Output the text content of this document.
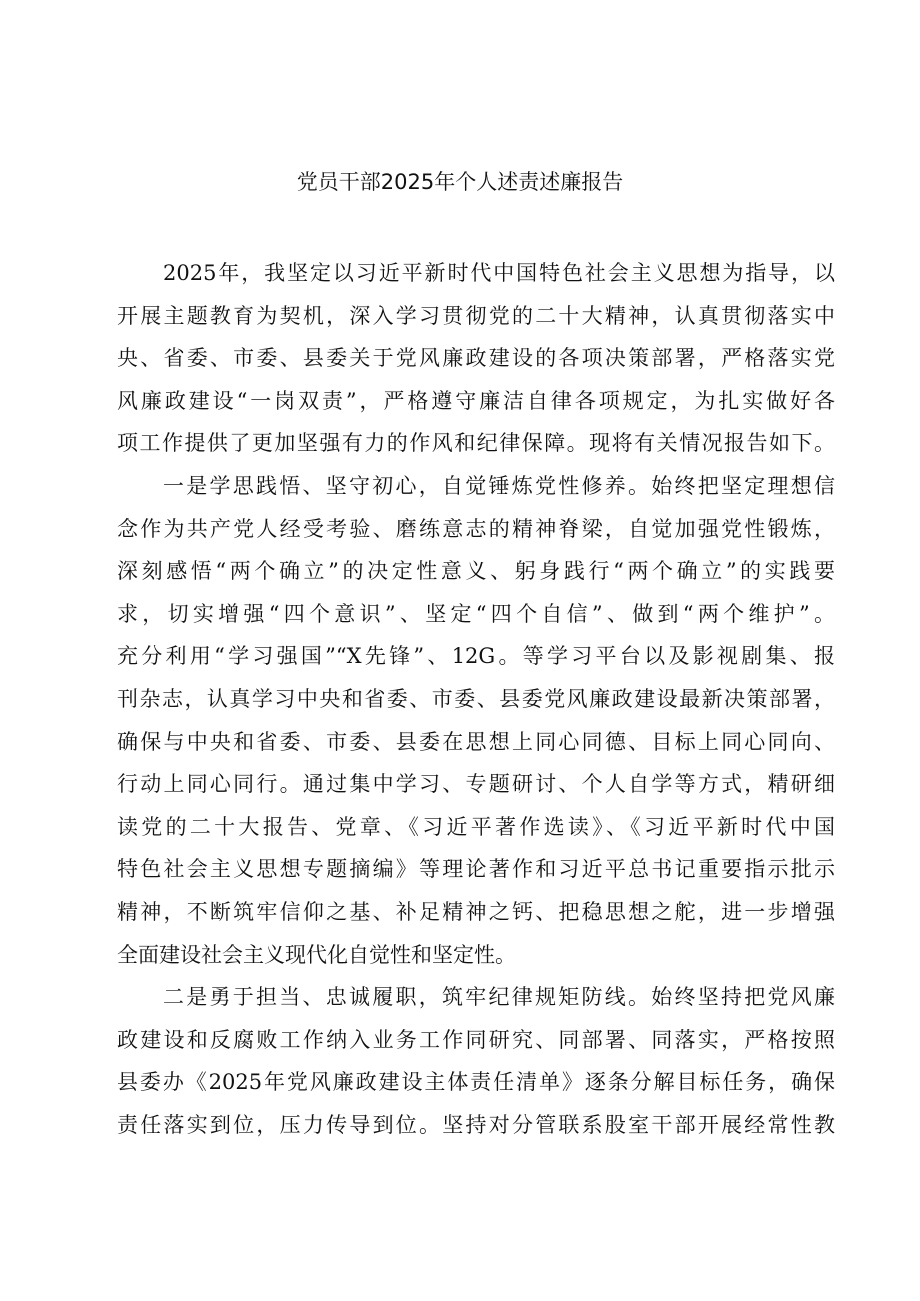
党员干部2025年个人述责述廉报告
2025年，我坚定以习近平新时代中国特色社会主义思想为指导，以
开展主题教育为契机，深入学习贯彻党的二十大精神，认真贯彻落实中
央、省委、市委、县委关于党风廉政建设的各项决策部署，严格落实党
风廉政建设“一岗双责”，严格遵守廉洁自律各项规定，为扎实做好各
项工作提供了更加坚强有力的作风和纪律保障。现将有关情况报告如下。
一是学思践悟、坚守初心，自觉锤炼党性修养。始终把坚定理想信
念作为共产党人经受考验、磨练意志的精神脊梁，自觉加强党性锻炼，
深刻感悟“两个确立”的决定性意义、躬身践行“两个确立”的实践要
求，切实增强“四个意识”、坚定“四个自信”、做到“两个维护”。
充分利用“学习强国”“X先锋”、12G。等学习平台以及影视剧集、报
刊杂志，认真学习中央和省委、市委、县委党风廉政建设最新决策部署，
确保与中央和省委、市委、县委在思想上同心同德、目标上同心同向、
行动上同心同行。通过集中学习、专题研讨、个人自学等方式，精研细
读党的二十大报告、党章、《习近平著作选读》、《习近平新时代中国
特色社会主义思想专题摘编》等理论著作和习近平总书记重要指示批示
精神，不断筑牢信仰之基、补足精神之钙、把稳思想之舵，进一步增强
全面建设社会主义现代化自觉性和坚定性。
二是勇于担当、忠诚履职，筑牢纪律规矩防线。始终坚持把党风廉
政建设和反腐败工作纳入业务工作同研究、同部署、同落实，严格按照
县委办《2025年党风廉政建设主体责任清单》逐条分解目标任务，确保
责任落实到位，压力传导到位。坚持对分管联系股室干部开展经常性教
